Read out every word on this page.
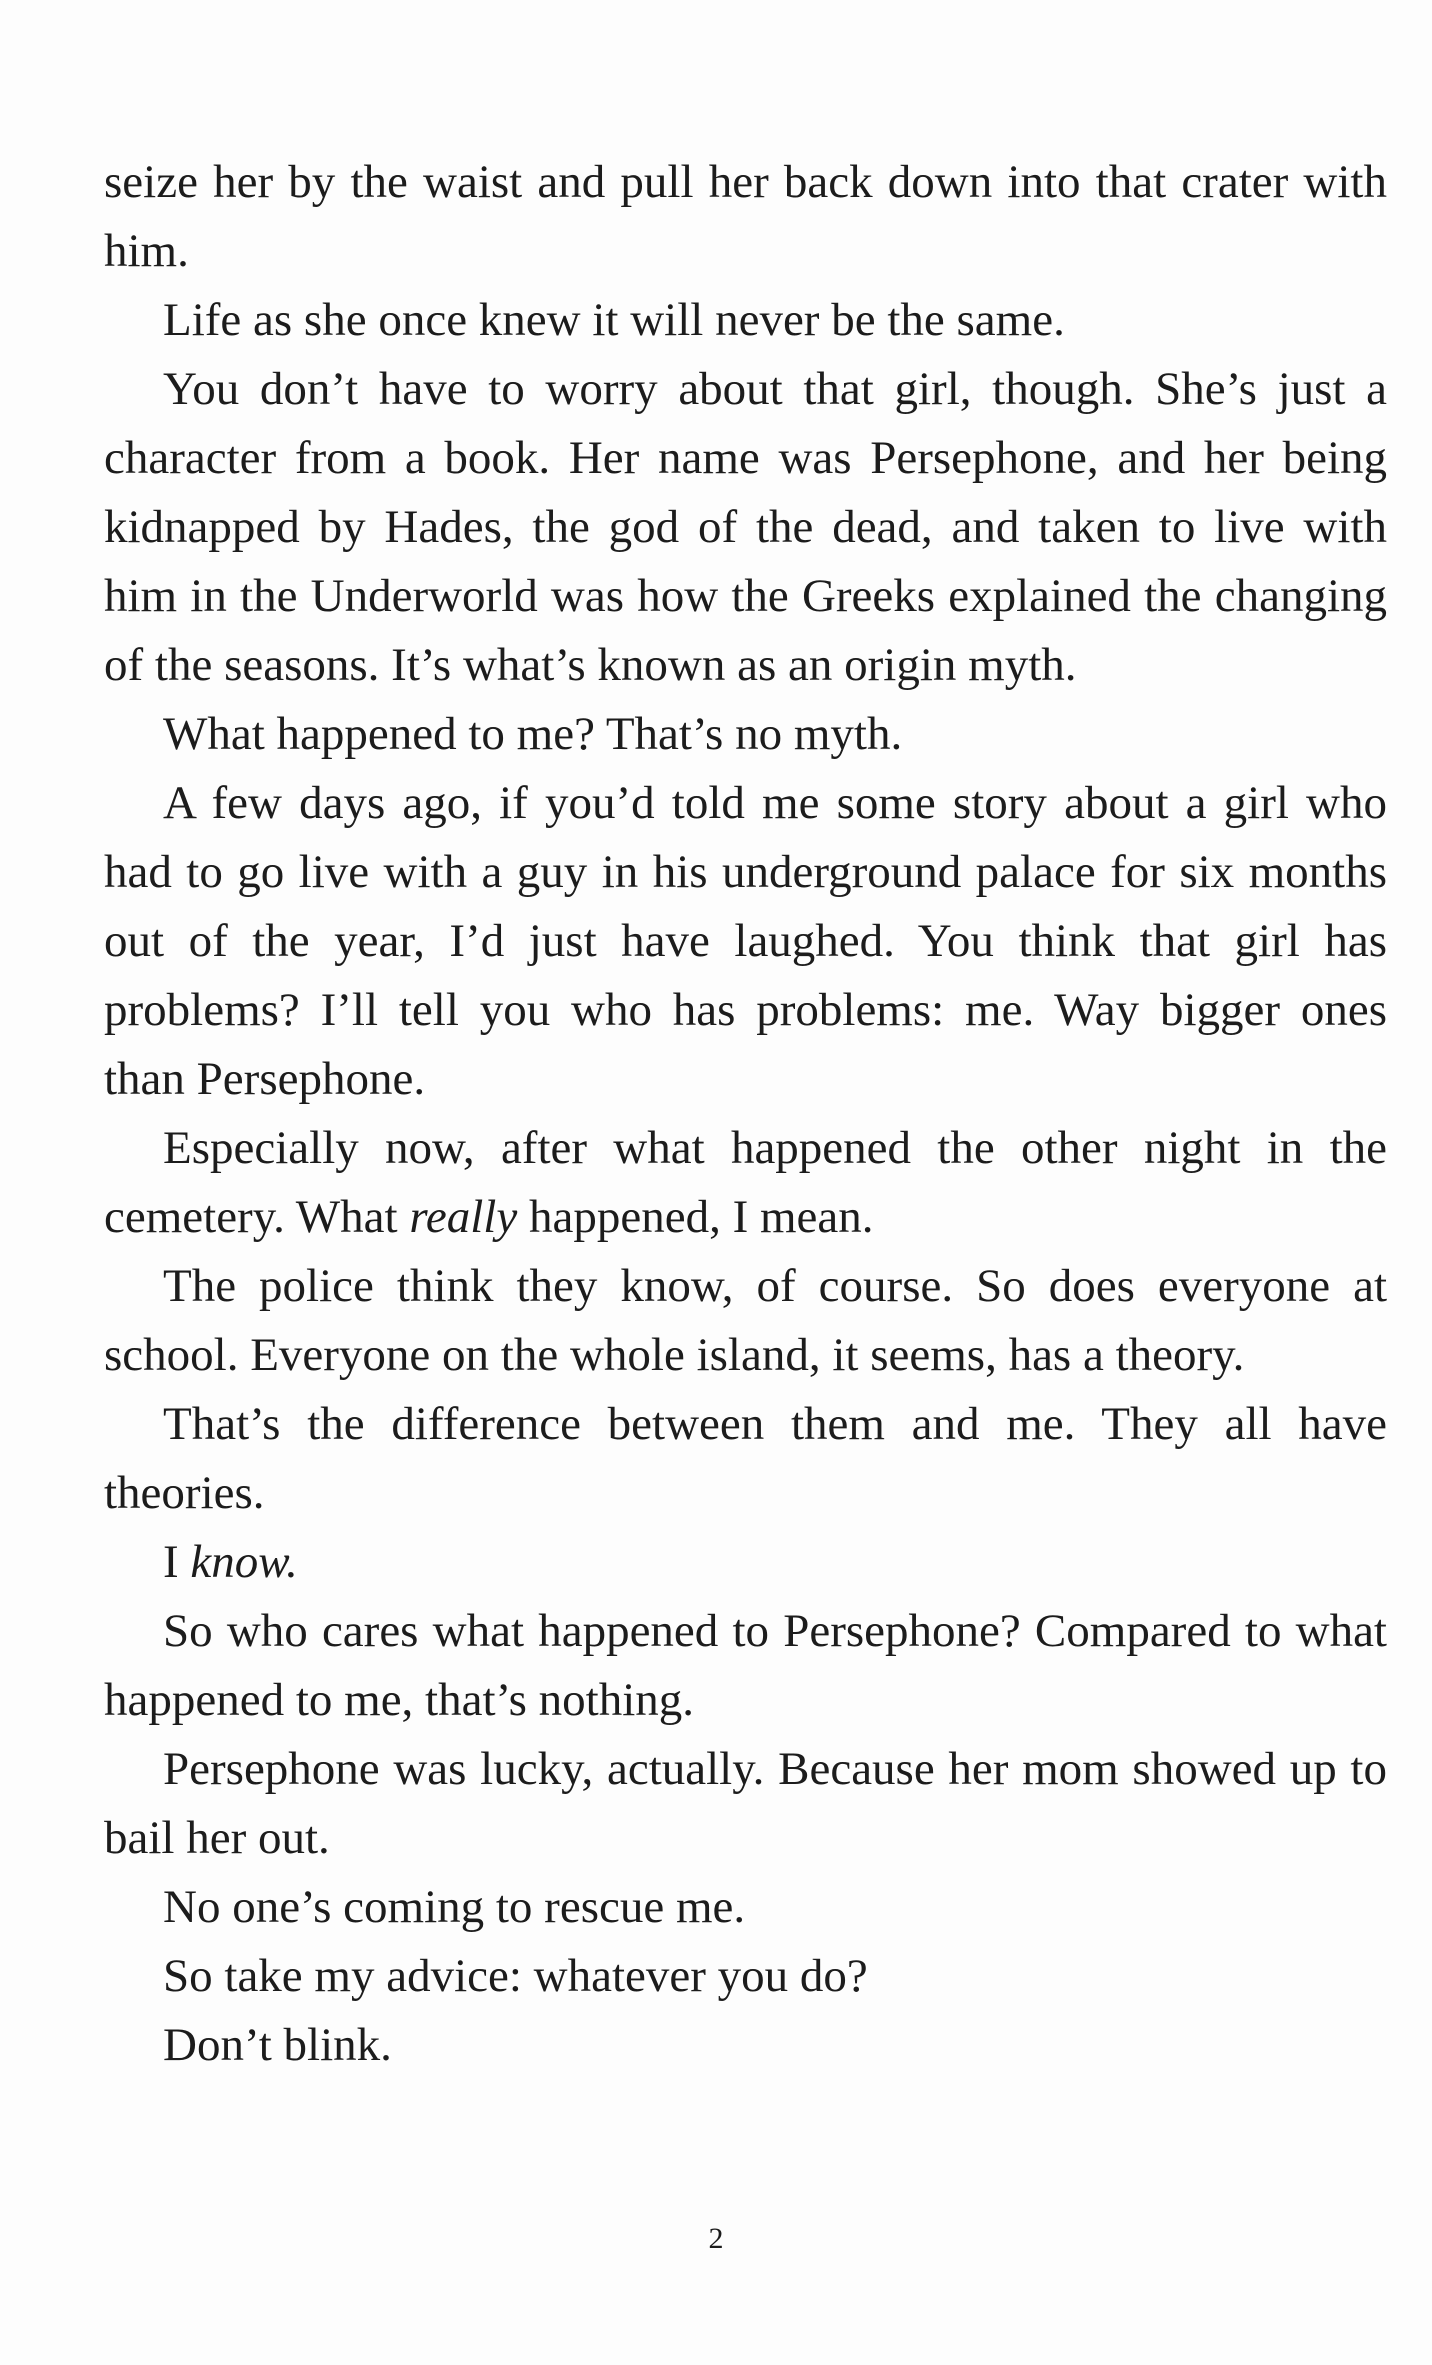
seize her by the waist and pull her back down into that crater with him.

Life as she once knew it will never be the same.

You don’t have to worry about that girl, though. She’s just a character from a book. Her name was Persephone, and her being kidnapped by Hades, the god of the dead, and taken to live with him in the Underworld was how the Greeks explained the changing of the seasons. It’s what’s known as an origin myth.

What happened to me? That’s no myth.

A few days ago, if you’d told me some story about a girl who had to go live with a guy in his underground palace for six months out of the year, I’d just have laughed. You think that girl has problems? I’ll tell you who has problems: me. Way bigger ones than Persephone.

Especially now, after what happened the other night in the cemetery. What really happened, I mean.

The police think they know, of course. So does everyone at school. Everyone on the whole island, it seems, has a theory.

That’s the difference between them and me. They all have theories.

I know.

So who cares what happened to Persephone? Compared to what happened to me, that’s nothing.

Persephone was lucky, actually. Because her mom showed up to bail her out.

No one’s coming to rescue me.

So take my advice: whatever you do?

Don’t blink.

2
